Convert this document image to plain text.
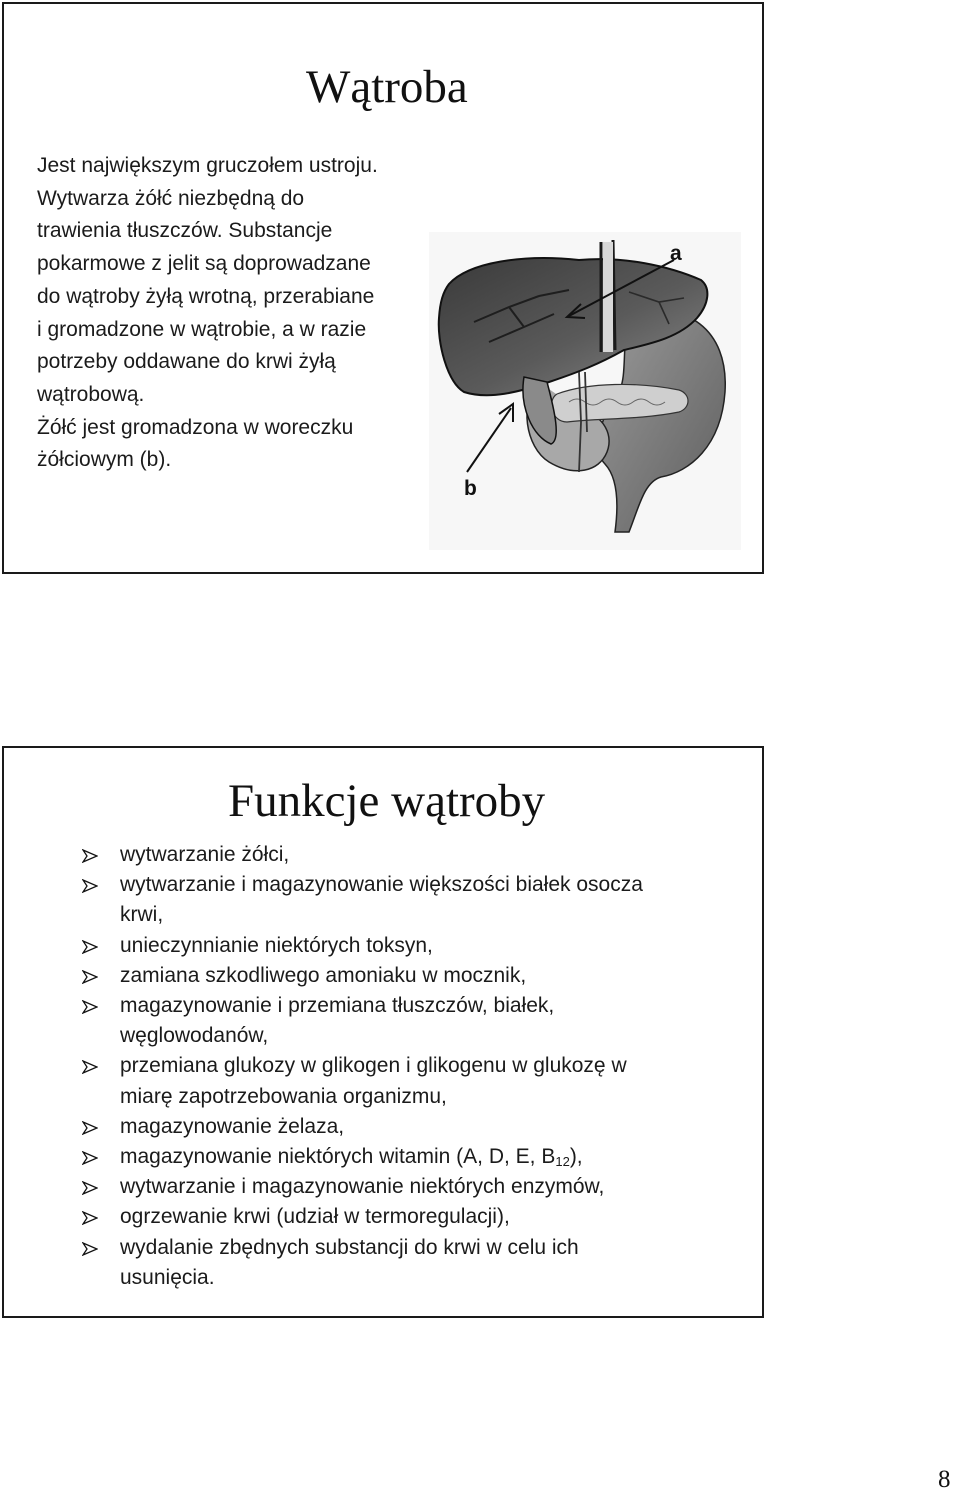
Wątroba
Jest największym gruczołem ustroju.
Wytwarza żółć niezbędną do
trawienia tłuszczów. Substancje
pokarmowe z jelit są doprowadzane
do wątroby żyłą wrotną, przerabiane
i gromadzone w wątrobie, a w razie
potrzeby oddawane do krwi żyłą
wątrobową.
Żółć jest gromadzona w woreczku
żółciowym (b).
a
b
Funkcje wątroby
wytwarzanie żółci,
wytwarzanie i magazynowanie większości białek osocza
krwi,
unieczynnianie niektórych toksyn,
zamiana szkodliwego amoniaku w mocznik,
magazynowanie i przemiana tłuszczów, białek,
węglowodanów,
przemiana glukozy w glikogen i glikogenu w glukozę w
miarę zapotrzebowania organizmu,
magazynowanie żelaza,
magazynowanie niektórych witamin (A, D, E, $B_{12}$),
wytwarzanie i magazynowanie niektórych enzymów,
ogrzewanie krwi (udział w termoregulacji),
wydalanie zbędnych substancji do krwi w celu ich
usunięcia.
8
